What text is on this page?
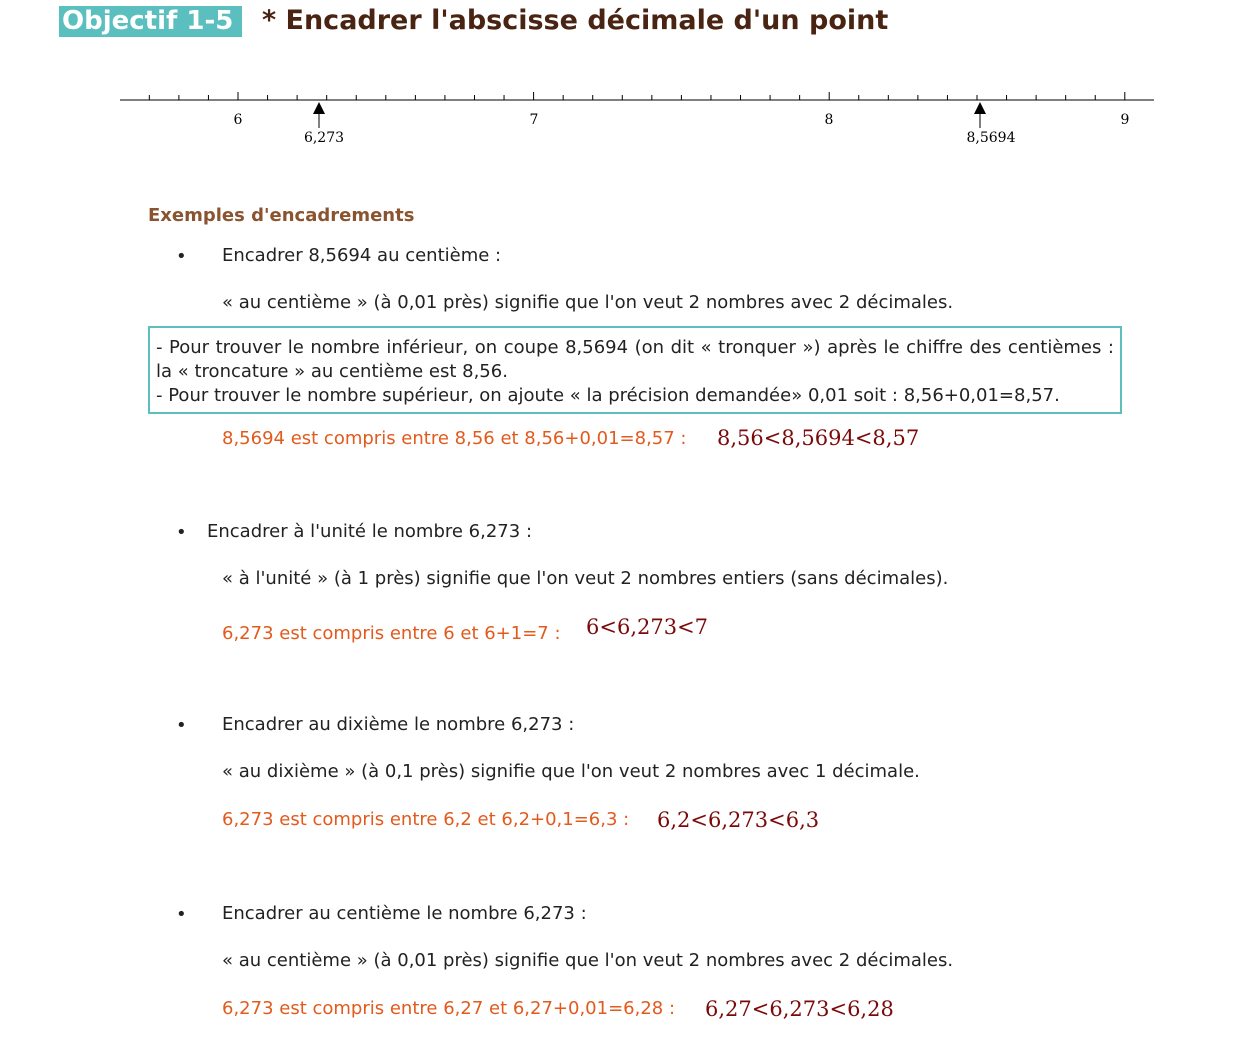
Objectif 1-5	* Encadrer l'abscisse décimale d'un point
6	7	8	9
6,273	8,5694
Exemples d'encadrements
• Encadrer 8,5694 au centième :
« au centième » (à 0,01 près) signifie que l'on veut 2 nombres avec 2 décimales.

- Pour trouver le nombre inférieur, on coupe 8,5694 (on dit « tronquer ») après le chiffre des centièmes : la « troncature » au centième est 8,56.

- Pour trouver le nombre supérieur, on ajoute « la précision demandée» 0,01 soit : 8,56+0,01=8,57.

8,5694 est compris entre 8,56 et 8,56+0,01=8,57 : 8,56<8,5694<8,57
• Encadrer à l'unité le nombre 6,273 :
« à l'unité » (à 1 près) signifie que l'on veut 2 nombres entiers (sans décimales).
6,273 est compris entre 6 et 6+1=7 : 6<6,273<7
• Encadrer au dixième le nombre 6,273 :
« au dixième » (à 0,1 près) signifie que l'on veut 2 nombres avec 1 décimale.
6,273 est compris entre 6,2 et 6,2+0,1=6,3 : 6,2<6,273<6,3
• Encadrer au centième le nombre 6,273 :
« au centième » (à 0,01 près) signifie que l'on veut 2 nombres avec 2 décimales.
6,273 est compris entre 6,27 et 6,27+0,01=6,28 : 6,27<6,273<6,28
